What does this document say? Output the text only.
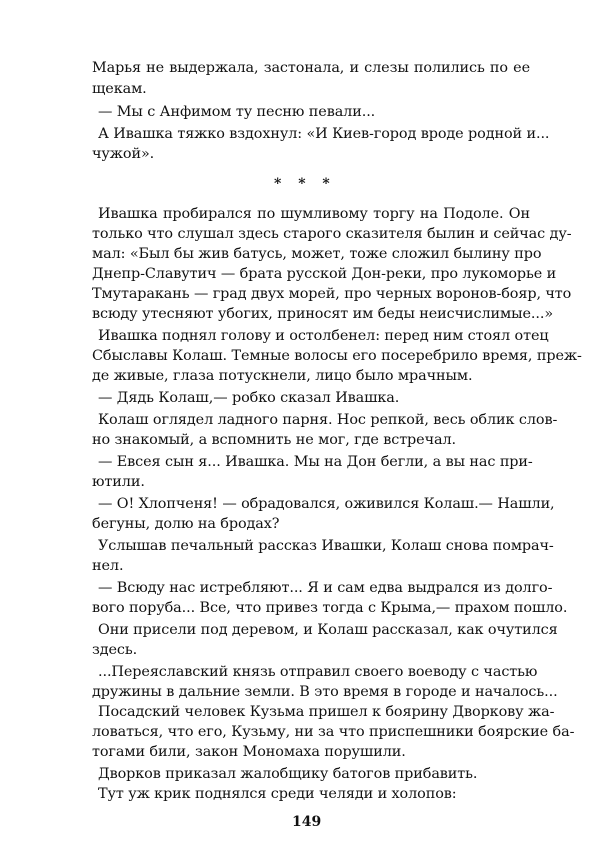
Марья не выдержала, застонала, и слезы полились по ее
щекам.
— Мы с Анфимом ту песню певали...
А Ивашка тяжко вздохнул: «И Киев-город вроде родной и...
чужой».
* * *
Ивашка пробирался по шумливому торгу на Подоле. Он
только что слушал здесь старого сказителя былин и сейчас ду-
мал: «Был бы жив батусь, может, тоже сложил былину про
Днепр-Славутич — брата русской Дон-реки, про лукоморье и
Тмутаракань — град двух морей, про черных воронов-бояр, что
всюду утесняют убогих, приносят им беды неисчислимые...»
Ивашка поднял голову и остолбенел: перед ним стоял отец
Сбыславы Колаш. Темные волосы его посеребрило время, преж-
де живые, глаза потускнели, лицо было мрачным.
— Дядь Колаш,— робко сказал Ивашка.
Колаш оглядел ладного парня. Нос репкой, весь облик слов-
но знакомый, а вспомнить не мог, где встречал.
— Евсея сын я... Ивашка. Мы на Дон бегли, а вы нас при-
ютили.
— О! Хлопченя! — обрадовался, оживился Колаш.— Нашли,
бегуны, долю на бродах?
Услышав печальный рассказ Ивашки, Колаш снова помрач-
нел.
— Всюду нас истребляют... Я и сам едва выдрался из долго-
вого поруба... Все, что привез тогда с Крыма,— прахом пошло.
Они присели под деревом, и Колаш рассказал, как очутился
здесь.
...Переяславский князь отправил своего воеводу с частью
дружины в дальние земли. В это время в городе и началось...
Посадский человек Кузьма пришел к боярину Дворкову жа-
ловаться, что его, Кузьму, ни за что приспешники боярские ба-
тогами били, закон Мономаха порушили.
Дворков приказал жалобщику батогов прибавить.
Тут уж крик поднялся среди челяди и холопов:
149
